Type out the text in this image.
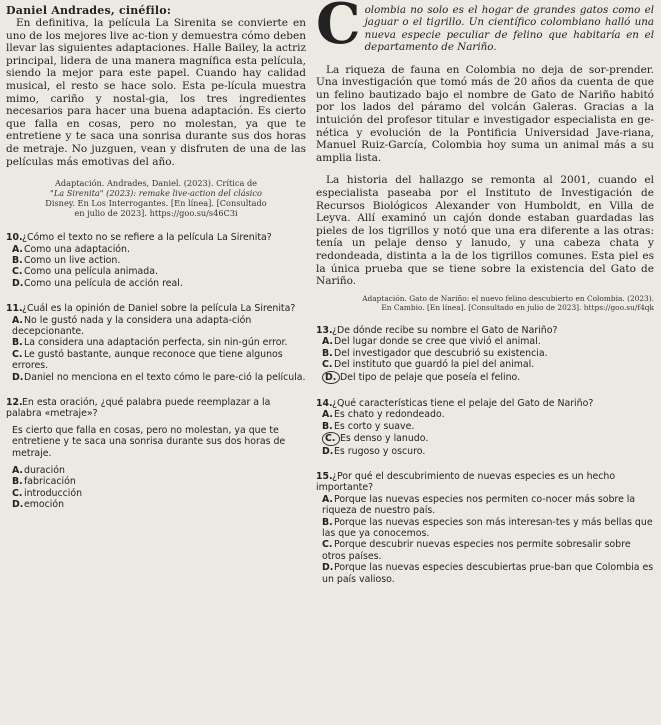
Daniel Andrades, cinéfilo:

En definitiva, la película La Sirenita se convierte en uno de los mejores live ac-tion y demuestra cómo deben llevar las siguientes adaptaciones. Halle Bailey, la actriz principal, lidera de una manera magnífica esta película, siendo la mejor para este papel. Cuando hay calidad musical, el resto se hace solo. Esta pe-lícula muestra mimo, cariño y nostal-gia, los tres ingredientes necesarios para hacer una buena adaptación. Es cierto que falla en cosas, pero no molestan, ya que te entretiene y te saca una sonrisa durante sus dos horas de metraje. No juzguen, vean y disfruten de una de las películas más emotivas del año.

Adaptación. Andrades, Daniel. (2023). Crítica de
"La Sirenita" (2023): remake live-action del clásico
Disney. En Los Interrogantes. [En línea]. [Consultado
en julio de 2023]. https://goo.su/s46C3i
10.¿Cómo el texto no se refiere a la película La Sirenita?
A.Como una adaptación.
B.Como un live action.
C. Como una película animada.
D.Como una película de acción real.
11.¿Cuál es la opinión de Daniel sobre la película La Sirenita?
A.No le gustó nada y la considera una adapta-ción decepcionante.
B.La considera una adaptación perfecta, sin nin-gún error.
C. Le gustó bastante, aunque reconoce que tiene algunos errores.
D.Daniel no menciona en el texto cómo le pare-ció la película.
12.En esta oración, ¿qué palabra puede reemplazar a la palabra «metraje»?
Es cierto que falla en cosas, pero no molestan, ya que te entretiene y te saca una sonrisa durante sus dos horas de metraje.
A.duración
B.fabricación
C. introducción
D.emoción
C olombia no solo es el hogar de grandes gatos como el jaguar o el tigrillo. Un científico colombiano halló una nueva especie peculiar de felino que habitaría en el departamento de Nariño.

La riqueza de fauna en Colombia no deja de sor-prender. Una investigación que tomó más de 20 años da cuenta de que un felino bautizado bajo el nombre de Gato de Nariño habitó por los lados del páramo del volcán Galeras. Gracias a la intuición del profesor titular e investigador especialista en ge-nética y evolución de la Pontificia Universidad Jave-riana, Manuel Ruiz-García, Colombia hoy suma un animal más a su amplia lista.

La historia del hallazgo se remonta al 2001, cuando el especialista paseaba por el Instituto de Investigación de Recursos Biológicos Alexander von Humboldt, en Villa de Leyva. Allí examinó un cajón donde estaban guardadas las pieles de los tigrillos y notó que una era diferente a las otras: tenía un pelaje denso y lanudo, y una cabeza chata y redondeada, distinta a la de los tigrillos comunes. Esta piel es la única prueba que se tiene sobre la existencia del Gato de Nariño.

Adaptación. Gato de Nariño: el nuevo felino descubierto en Colombia. (2023).
En Cambio. [En línea]. [Consultado en julio de 2023]. https://goo.su/f4qk
13.¿De dónde recibe su nombre el Gato de Nariño?
A.Del lugar donde se cree que vivió el animal.
B.Del investigador que descubrió su existencia.
C. Del instituto que guardó la piel del animal.
D. Del tipo de pelaje que poseía el felino.
14.¿Qué características tiene el pelaje del Gato de Nariño?
A.Es chato y redondeado.
B.Es corto y suave.
C. Es denso y lanudo.
D.Es rugoso y oscuro.
15.¿Por qué el descubrimiento de nuevas especies es un hecho importante?
A.Porque las nuevas especies nos permiten co-nocer más sobre la riqueza de nuestro país.
B.Porque las nuevas especies son más interesan-tes y más bellas que las que ya conocemos.
C. Porque descubrir nuevas especies nos permite sobresalir sobre otros países.
D.Porque las nuevas especies descubiertas prue-ban que Colombia es un país valioso.
